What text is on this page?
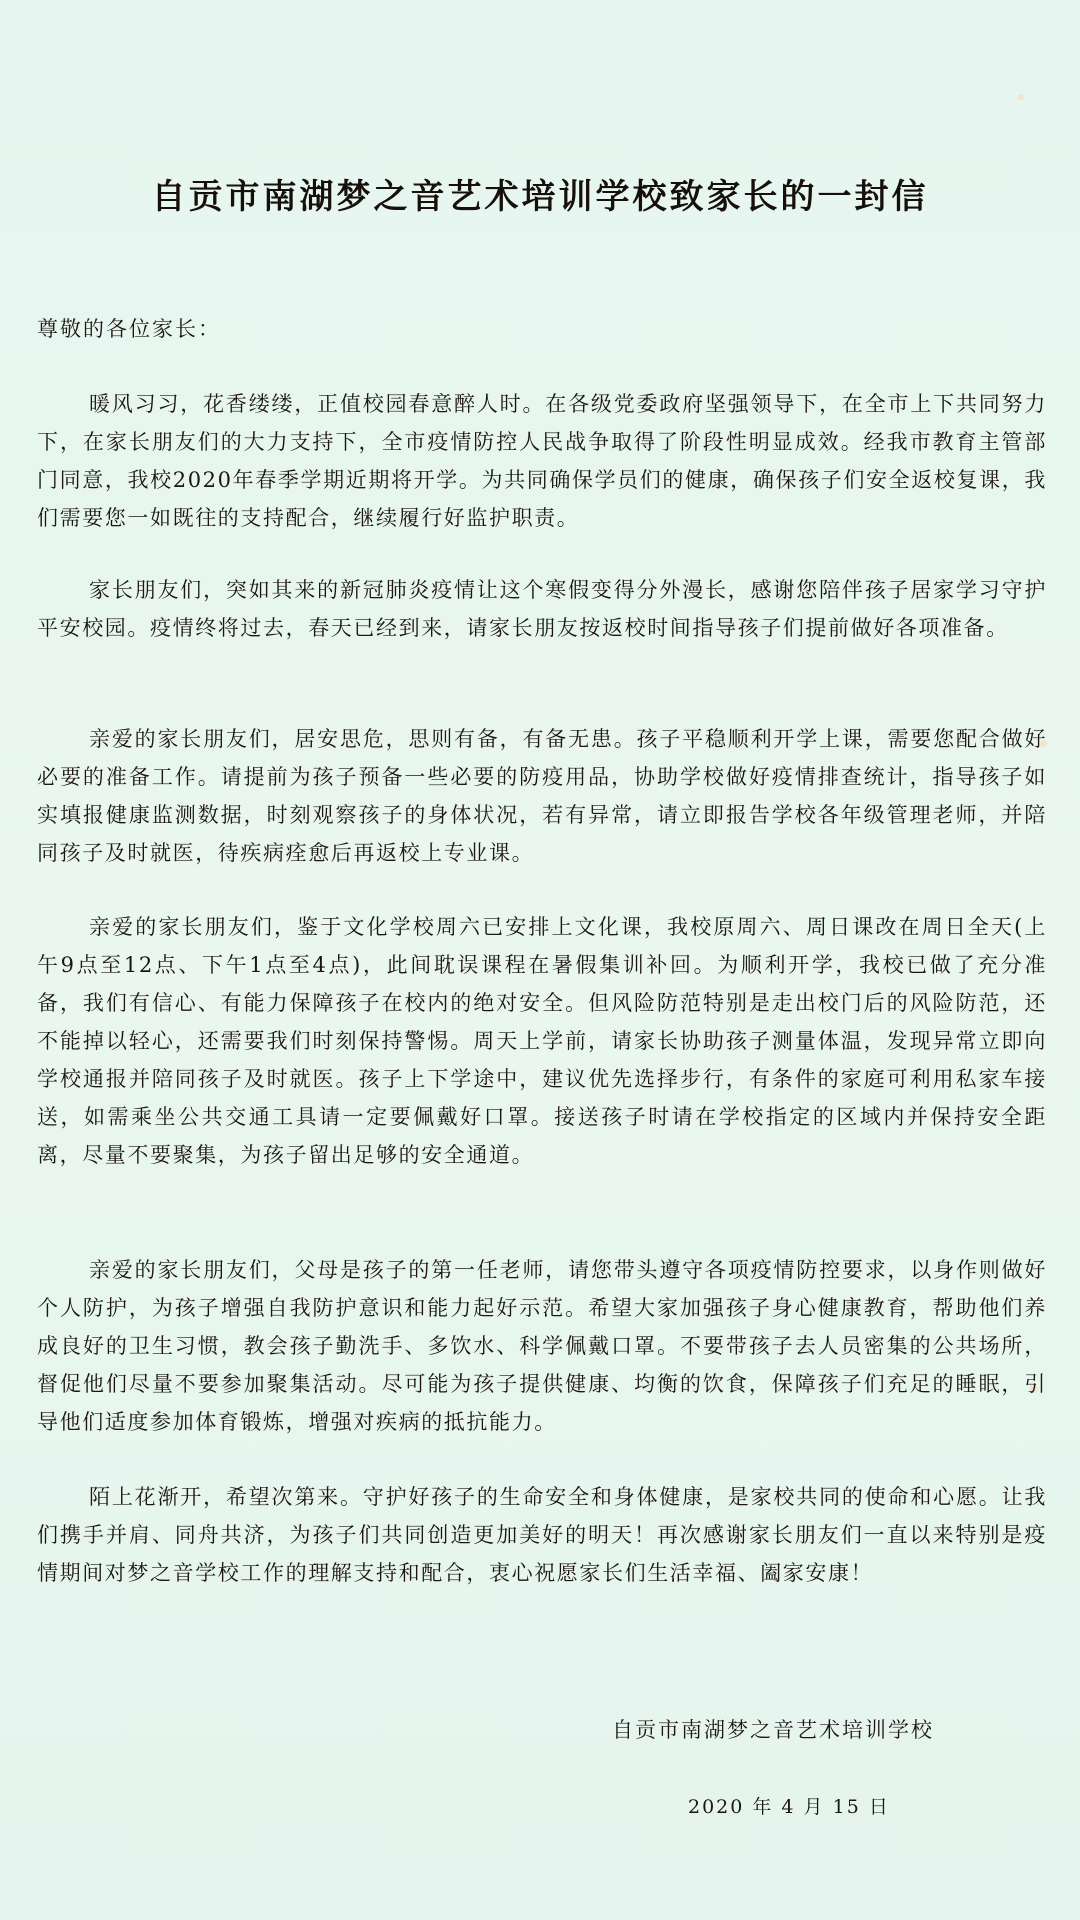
自贡市南湖梦之音艺术培训学校致家长的一封信
尊敬的各位家长：

暖风习习，花香缕缕，正值校园春意醉人时。在各级党委政府坚强领导下，在全市上下共同努力下，在家长朋友们的大力支持下，全市疫情防控人民战争取得了阶段性明显成效。经我市教育主管部门同意，我校2020年春季学期近期将开学。为共同确保学员们的健康，确保孩子们安全返校复课，我们需要您一如既往的支持配合，继续履行好监护职责。

家长朋友们，突如其来的新冠肺炎疫情让这个寒假变得分外漫长，感谢您陪伴孩子居家学习守护平安校园。疫情终将过去，春天已经到来，请家长朋友按返校时间指导孩子们提前做好各项准备。

亲爱的家长朋友们，居安思危，思则有备，有备无患。孩子平稳顺利开学上课，需要您配合做好必要的准备工作。请提前为孩子预备一些必要的防疫用品，协助学校做好疫情排查统计，指导孩子如实填报健康监测数据，时刻观察孩子的身体状况，若有异常，请立即报告学校各年级管理老师，并陪同孩子及时就医，待疾病痊愈后再返校上专业课。

亲爱的家长朋友们，鉴于文化学校周六已安排上文化课，我校原周六、周日课改在周日全天(上午9点至12点、下午1点至4点)，此间耽误课程在暑假集训补回。为顺利开学，我校已做了充分准备，我们有信心、有能力保障孩子在校内的绝对安全。但风险防范特别是走出校门后的风险防范，还不能掉以轻心，还需要我们时刻保持警惕。周天上学前，请家长协助孩子测量体温，发现异常立即向学校通报并陪同孩子及时就医。孩子上下学途中，建议优先选择步行，有条件的家庭可利用私家车接送，如需乘坐公共交通工具请一定要佩戴好口罩。接送孩子时请在学校指定的区域内并保持安全距离，尽量不要聚集，为孩子留出足够的安全通道。

亲爱的家长朋友们，父母是孩子的第一任老师，请您带头遵守各项疫情防控要求，以身作则做好个人防护，为孩子增强自我防护意识和能力起好示范。希望大家加强孩子身心健康教育，帮助他们养成良好的卫生习惯，教会孩子勤洗手、多饮水、科学佩戴口罩。不要带孩子去人员密集的公共场所，督促他们尽量不要参加聚集活动。尽可能为孩子提供健康、均衡的饮食，保障孩子们充足的睡眠，引导他们适度参加体育锻炼，增强对疾病的抵抗能力。

陌上花渐开，希望次第来。守护好孩子的生命安全和身体健康，是家校共同的使命和心愿。让我们携手并肩、同舟共济，为孩子们共同创造更加美好的明天！再次感谢家长朋友们一直以来特别是疫情期间对梦之音学校工作的理解支持和配合，衷心祝愿家长们生活幸福、阖家安康！

自贡市南湖梦之音艺术培训学校
2020 年 4 月 15 日
